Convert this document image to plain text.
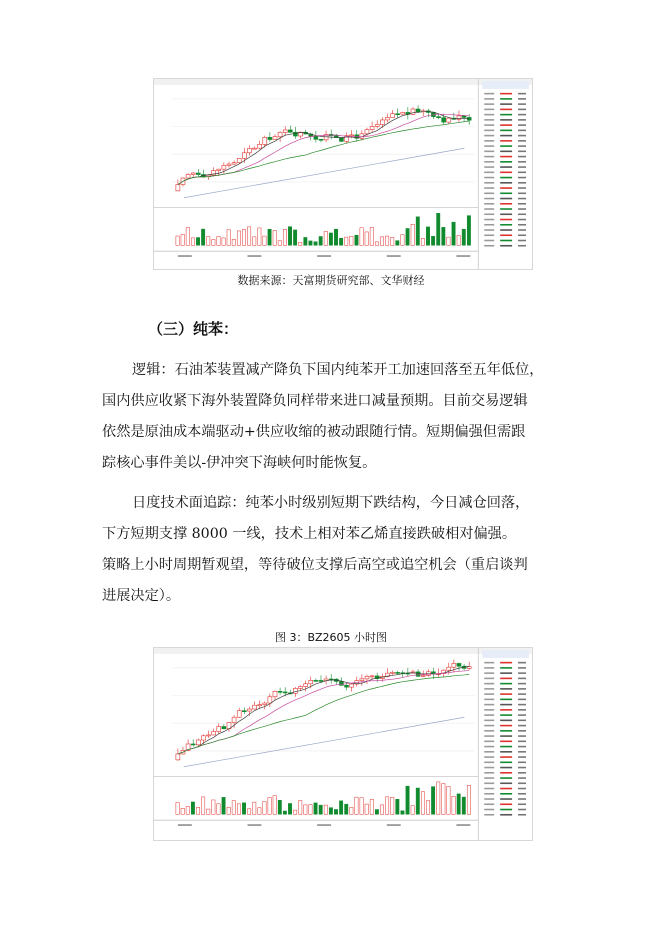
数据来源：天富期货研究部、文华财经
（三）纯苯：
逻辑：石油苯装置减产降负下国内纯苯开工加速回落至五年低位，
国内供应收紧下海外装置降负同样带来进口减量预期。目前交易逻辑
依然是原油成本端驱动+供应收缩的被动跟随行情。短期偏强但需跟
踪核心事件美以-伊冲突下海峡何时能恢复。
日度技术面追踪：纯苯小时级别短期下跌结构，今日减仓回落，
下方短期支撑 8000 一线，技术上相对苯乙烯直接跌破相对偏强。
策略上小时周期暂观望，等待破位支撑后高空或追空机会（重启谈判
进展决定）。
图 3：BZ2605 小时图
